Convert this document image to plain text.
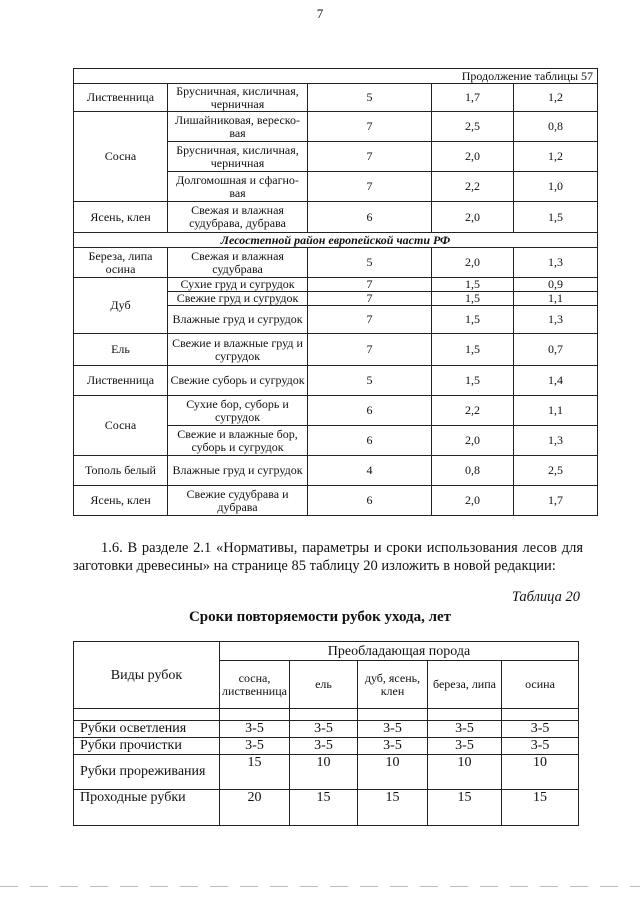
7
Продолжение таблицы 57				
Лиственница	Брусничная, кисличная, черничная	5	1,7	1,2
Сосна	Лишайниковая, вереско-вая	7	2,5	0,8
	Брусничная, кисличная, черничная	7	2,0	1,2
	Долгомошная и сфагно-вая	7	2,2	1,0
Ясень, клен	Свежая и влажная судубрава, дубрава	6	2,0	1,5
Лесостепной район европейской части РФ				
Береза, липа осина	Свежая и влажная судубрава	5	2,0	1,3
Дуб	Сухие груд и сугрудок	7	1,5	0,9
	Свежие груд и сугрудок	7	1,5	1,1
	Влажные груд и сугрудок	7	1,5	1,3
Ель	Свежие и влажные груд и сугрудок	7	1,5	0,7
Лиственница	Свежие суборь и сугрудок	5	1,5	1,4
Сосна	Сухие бор, суборь и сугрудок	6	2,2	1,1
	Свежие и влажные бор, суборь и сугрудок	6	2,0	1,3
Тополь белый	Влажные груд и сугрудок	4	0,8	2,5
Ясень, клен	Свежие судубрава и дубрава	6	2,0	1,7

1.6. В разделе 2.1 «Нормативы, параметры и сроки использования лесов для заготовки древесины» на странице 85 таблицу 20 изложить в новой редакции:

Таблица 20
Сроки повторяемости рубок ухода, лет
Виды рубок	Преобладающая порода				
	сосна, лиственница	ель	дуб, ясень, клен	береза, липа	осина

Рубки осветления	3-5	3-5	3-5	3-5	3-5
Рубки прочистки	3-5	3-5	3-5	3-5	3-5
Рубки прореживания	15	10	10	10	10
Проходные рубки	20	15	15	15	15
